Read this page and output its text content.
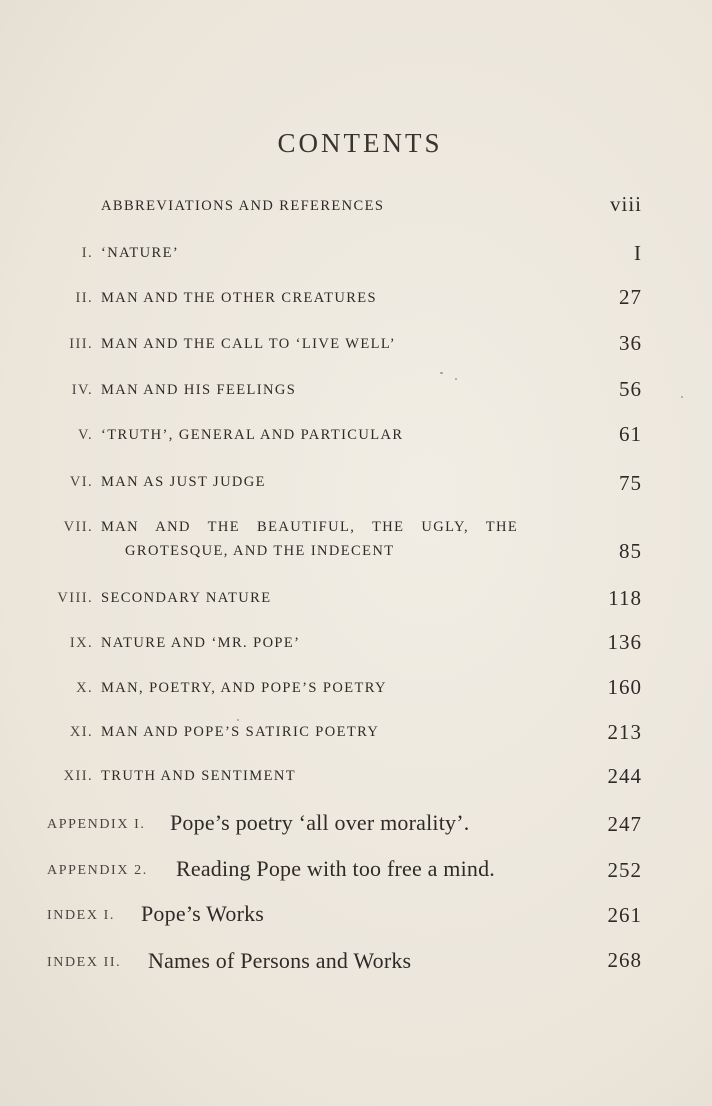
CONTENTS
ABBREVIATIONS AND REFERENCES	viii
I. ‘NATURE’	I
II. MAN AND THE OTHER CREATURES	27
III. MAN AND THE CALL TO ‘LIVE WELL’	36
IV. MAN AND HIS FEELINGS	56
V. ‘TRUTH’, GENERAL AND PARTICULAR	61
VI. MAN AS JUST JUDGE	75
VII. MAN AND THE BEAUTIFUL, THE UGLY, THE
GROTESQUE, AND THE INDECENT	85
VIII. SECONDARY NATURE	118
IX. NATURE AND ‘MR. POPE’	136
X. MAN, POETRY, AND POPE’S POETRY	160
XI. MAN AND POPE’S SATIRIC POETRY	213
XII. TRUTH AND SENTIMENT	244
APPENDIX I. Pope’s poetry ‘all over morality’.	247
APPENDIX 2. Reading Pope with too free a mind.	252
INDEX I. Pope’s Works	261
INDEX II. Names of Persons and Works	268
